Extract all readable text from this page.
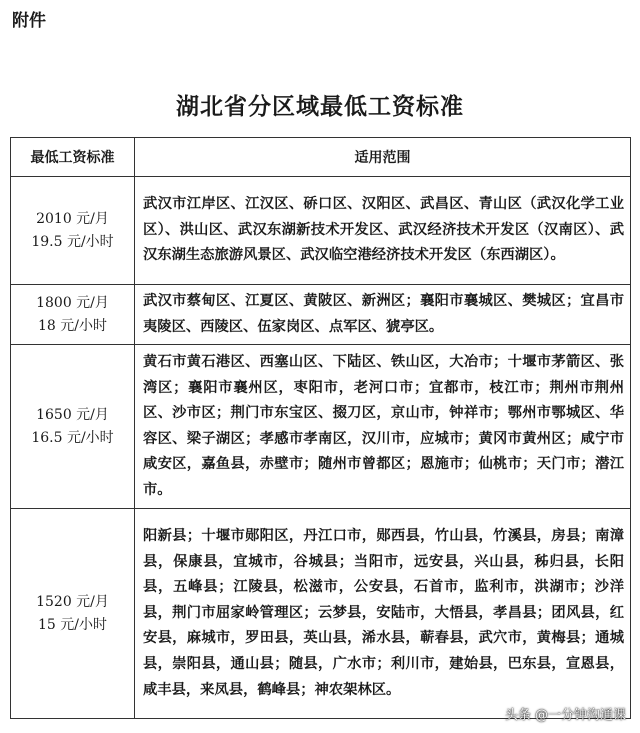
附件
湖北省分区域最低工资标准
最低工资标准	适用范围

2010 元/月
19.5 元/小时	武汉市江岸区、江汉区、硚口区、汉阳区、武昌区、青山区（武汉化学工业区）、洪山区、武汉东湖新技术开发区、武汉经济技术开发区（汉南区）、武汉东湖生态旅游风景区、武汉临空港经济技术开发区（东西湖区）。

1800 元/月
18 元/小时	武汉市蔡甸区、江夏区、黄陂区、新洲区；襄阳市襄城区、樊城区；宜昌市夷陵区、西陵区、伍家岗区、点军区、猇亭区。

1650 元/月
16.5 元/小时	黄石市黄石港区、西塞山区、下陆区、铁山区，大冶市；十堰市茅箭区、张湾区；襄阳市襄州区，枣阳市，老河口市；宜都市，枝江市；荆州市荆州区、沙市区；荆门市东宝区、掇刀区，京山市，钟祥市；鄂州市鄂城区、华容区、梁子湖区；孝感市孝南区，汉川市，应城市；黄冈市黄州区；咸宁市咸安区，嘉鱼县，赤壁市；随州市曾都区；恩施市；仙桃市；天门市；潜江市。

1520 元/月
15 元/小时	阳新县；十堰市郧阳区，丹江口市，郧西县，竹山县，竹溪县，房县；南漳县，保康县，宜城市，谷城县；当阳市，远安县，兴山县，秭归县，长阳县，五峰县；江陵县，松滋市，公安县，石首市，监利市，洪湖市；沙洋县，荆门市屈家岭管理区；云梦县，安陆市，大悟县，孝昌县；团风县，红安县，麻城市，罗田县，英山县，浠水县，蕲春县，武穴市，黄梅县；通城县，崇阳县，通山县；随县，广水市；利川市，建始县，巴东县，宣恩县，咸丰县，来凤县，鹤峰县；神农架林区。
头条 @一分钟沟通课
